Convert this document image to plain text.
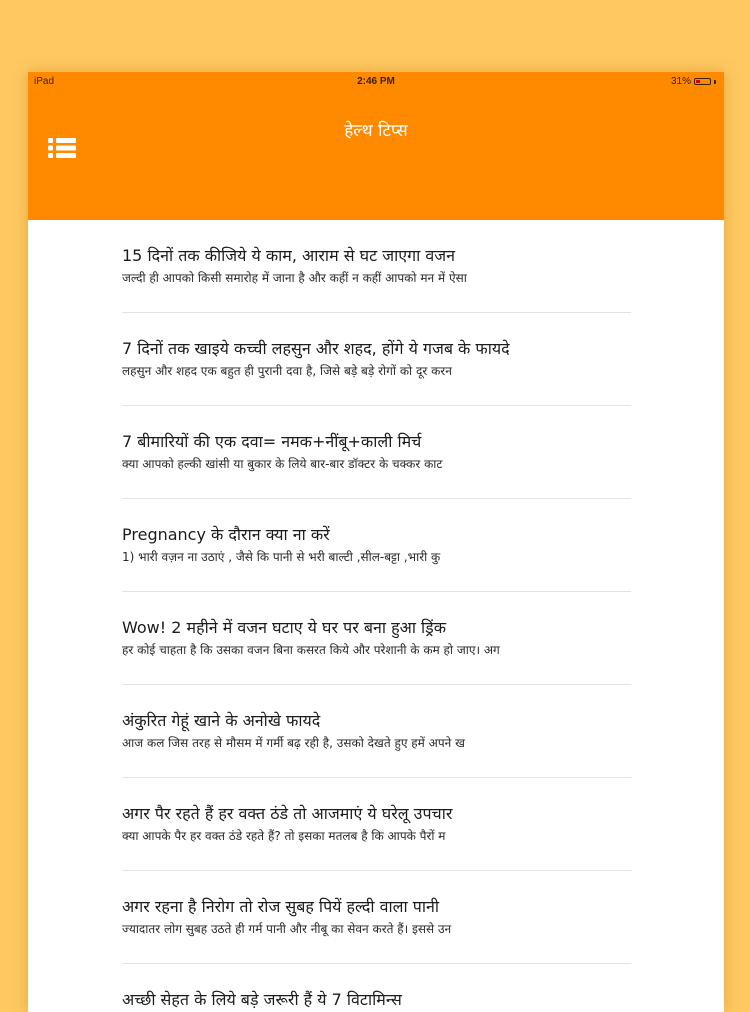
iPad	2:46 PM	31%
हेल्थ टिप्स
15 दिनों तक कीजिये ये काम, आराम से घट जाएगा वजन
जल्दी ही आपको किसी समारोह में जाना है और कहीं न कहीं आपको मन में ऐसा
7 दिनों तक खाइये कच्ची लहसुन और शहद, होंगे ये गजब के फायदे
लहसुन और शहद एक बहुत ही पुरानी दवा है, जिसे बड़े बड़े रोगों को दूर करन
7 बीमारियों की एक दवा= नमक+नींबू+काली मिर्च
क्या आपको हल्की खांसी या बुकार के लिये बार-बार डॉक्टर के चक्कर काट
Pregnancy के दौरान क्या ना करें
1) भारी वज़न ना उठाएं , जैसे कि पानी से भरी बाल्टी ,सील-बट्टा ,भारी कु
Wow! 2 महीने में वजन घटाए ये घर पर बना हुआ ड्रिंक
हर कोई चाहता है कि उसका वजन बिना कसरत किये और परेशानी के कम हो जाए। अग
अंकुरित गेहूं खाने के अनोखे फायदे
आज कल जिस तरह से मौसम में गर्मी बढ़ रही है, उसको देखते हुए हमें अपने ख
अगर पैर रहते हैं हर वक्त ठंडे तो आजमाएं ये घरेलू उपचार
क्या आपके पैर हर वक्त ठंडे रहते हैं? तो इसका मतलब है कि आपके पैरों म
अगर रहना है निरोग तो रोज सुबह पियें हल्दी वाला पानी
ज्यादातर लोग सुबह उठते ही गर्म पानी और नीबू का सेवन करते हैं। इससे उन
अच्छी सेहत के लिये बड़े जरूरी हैं ये 7 विटामिन्स
